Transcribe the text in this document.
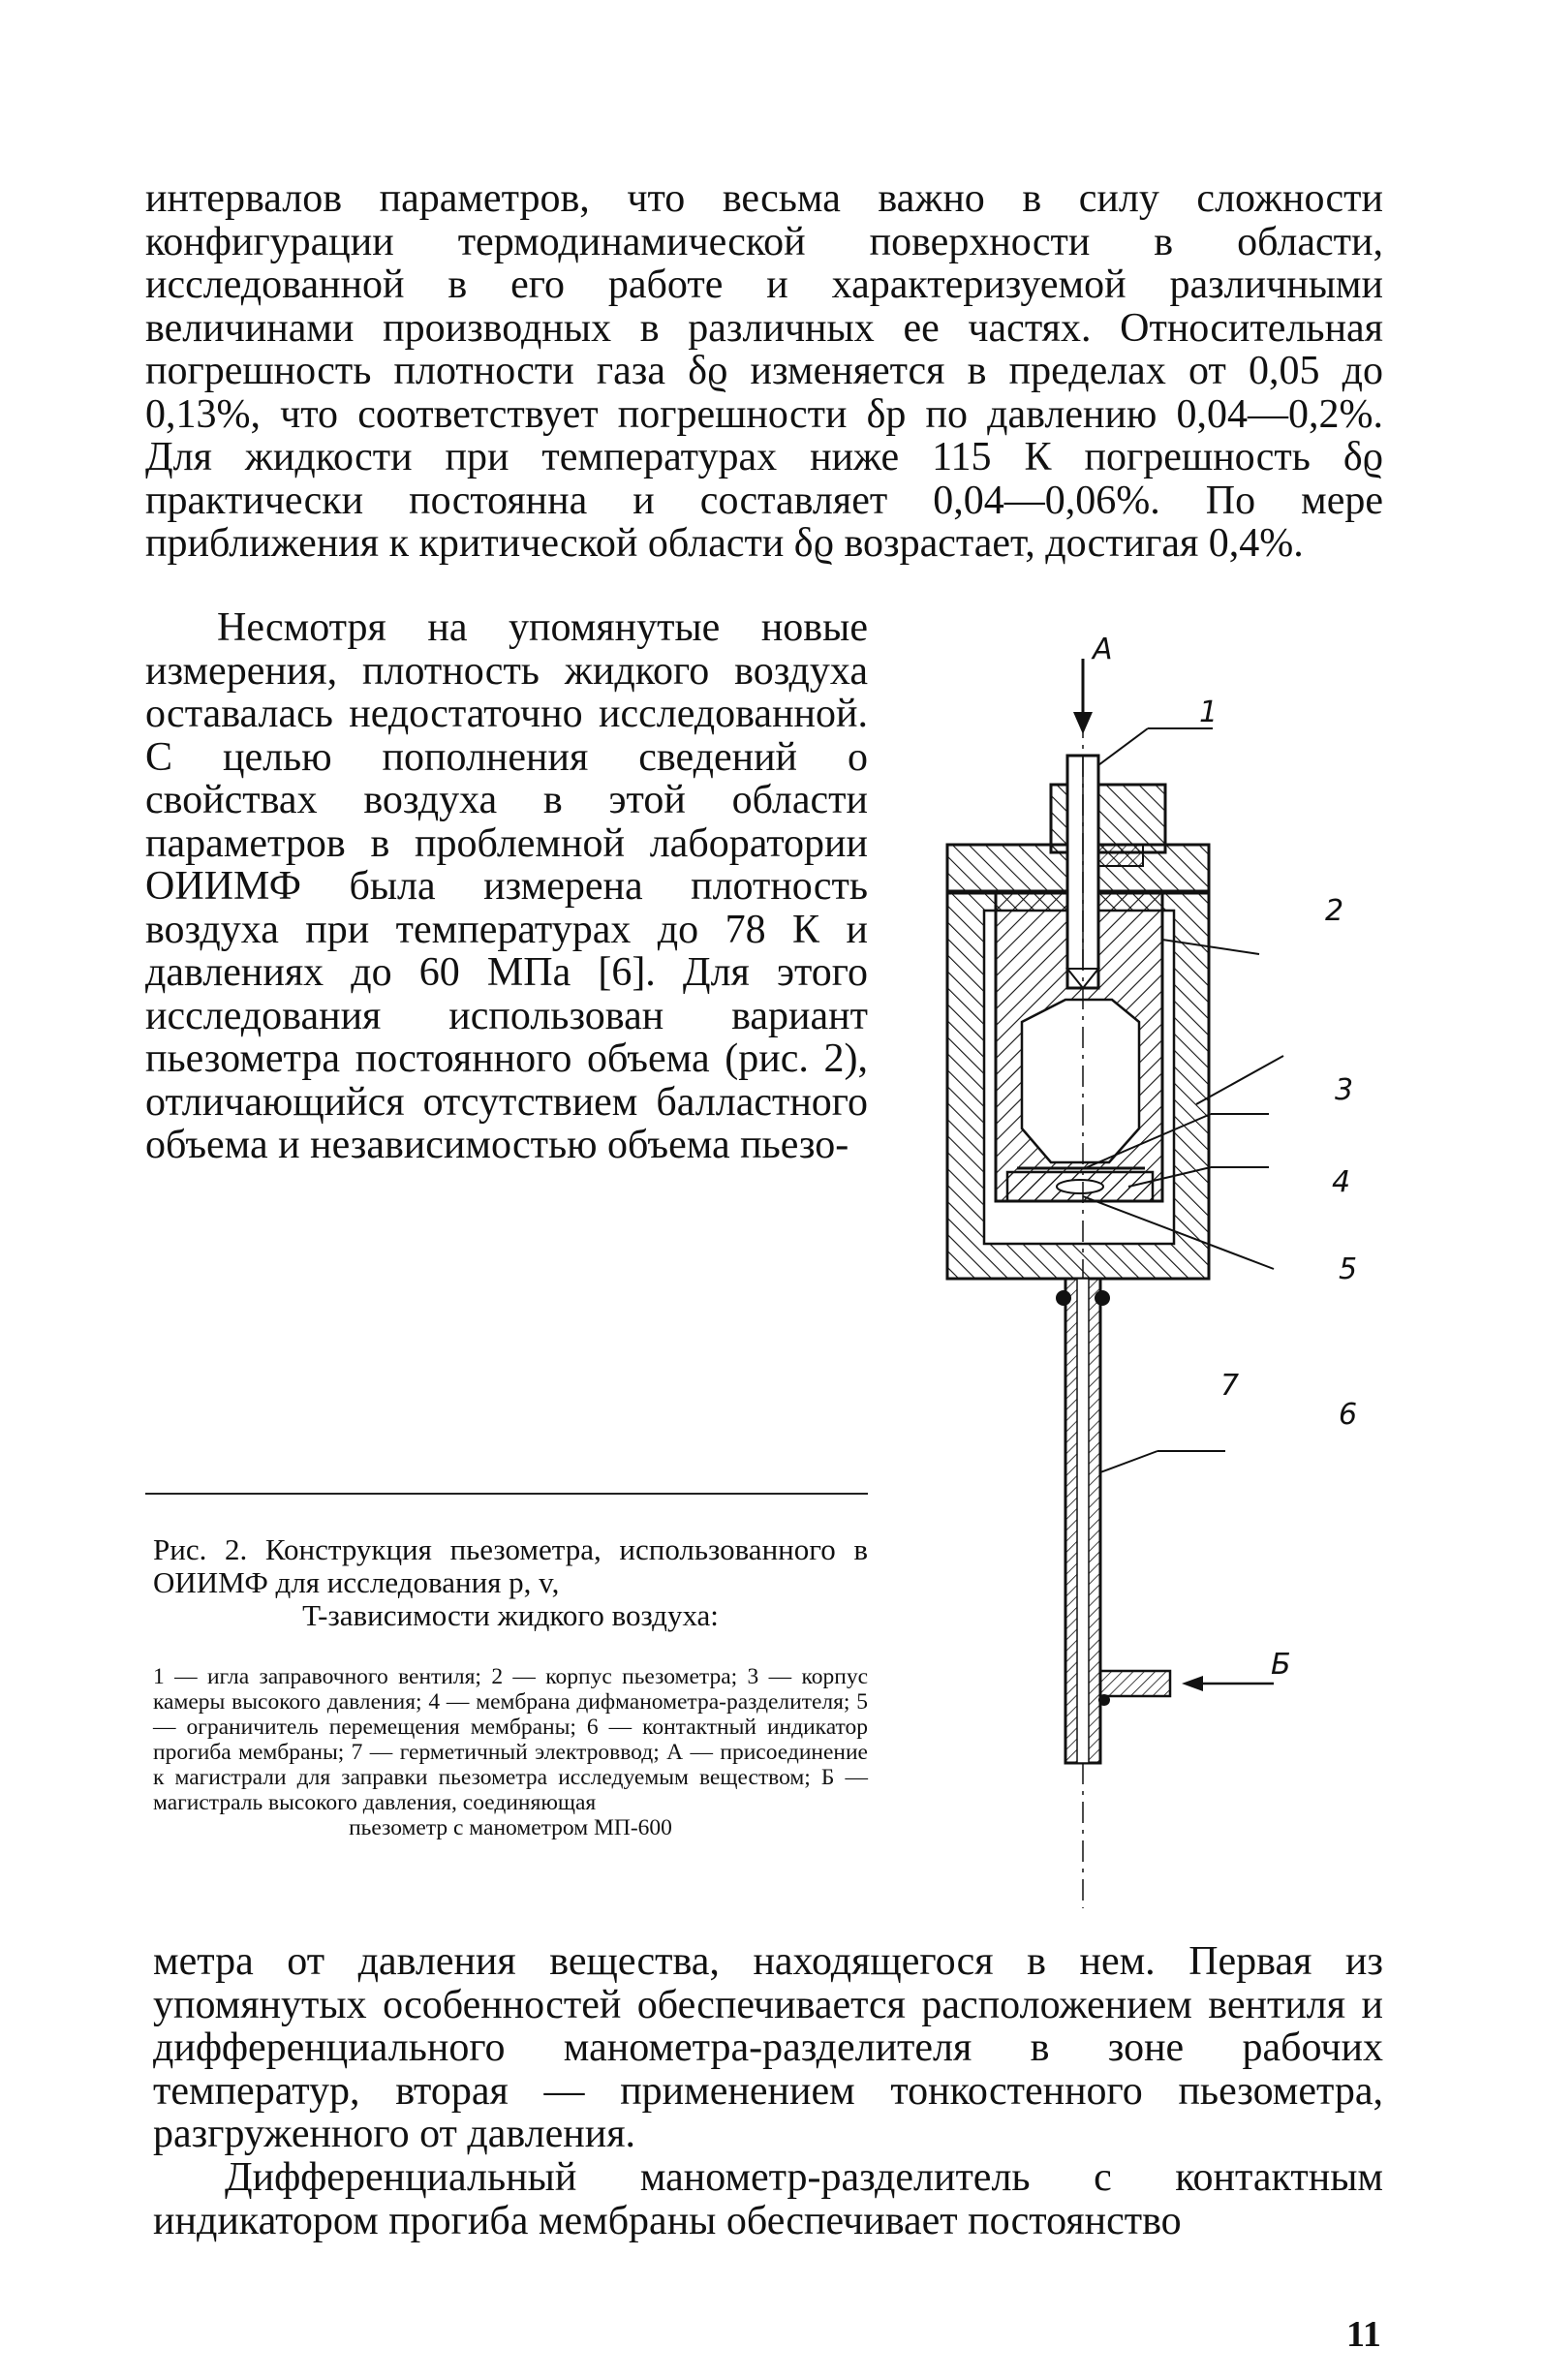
интервалов параметров, что весьма важно в силу сложности конфигурации термодинамической поверхности в области, исследованной в его работе и характеризуемой различными величинами производных в различных ее частях. Относительная погрешность плотности газа δϱ изменяется в пределах от 0,05 до 0,13%, что соответствует погрешности δp по давлению 0,04—0,2%. Для жидкости при температурах ниже 115 К погрешность δϱ практически постоянна и составляет 0,04—0,06%. По мере приближения к критической области δϱ возрастает, достигая 0,4%.

Несмотря на упомянутые новые измерения, плотность жидкого воздуха оставалась недостаточно исследованной. С целью пополнения сведений о свойствах воздуха в этой области параметров в проблемной лаборатории ОИИМФ была измерена плотность воздуха при температурах до 78 К и давлениях до 60 МПа [6]. Для этого исследования использован вариант пьезометра постоянного объема (рис. 2), отличающийся отсутствием балластного объема и независимостью объема пьезо-

А
1
2
3
4
5
6
7
Б

Рис. 2. Конструкция пьезометра, использованного в ОИИМФ для исследования p, v,
T-зависимости жидкого воздуха:

1 — игла заправочного вентиля; 2 — корпус пьезометра; 3 — корпус камеры высокого давления; 4 — мембрана дифманометра-разделителя; 5 — ограничитель перемещения мембраны; 6 — контактный индикатор прогиба мембраны; 7 — герметичный электроввод; А — присоединение к магистрали для заправки пьезометра исследуемым веществом; Б — магистраль высокого давления, соединяющая
пьезометр с манометром МП-600

метра от давления вещества, находящегося в нем. Первая из упомянутых особенностей обеспечивается расположением вентиля и дифференциального манометра-разделителя в зоне рабочих температур, вторая — применением тонкостенного пьезометра, разгруженного от давления.

Дифференциальный манометр-разделитель с контактным индикатором прогиба мембраны обеспечивает постоянство

11
